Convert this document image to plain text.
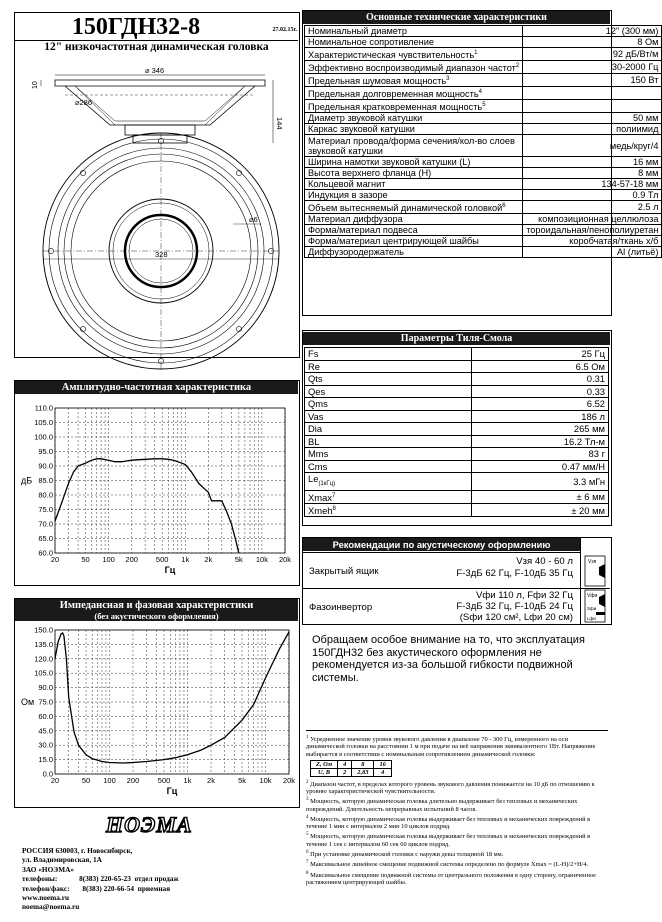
150ГДН32-8	27.02.15г.
12" низкочастотная динамическая головка
⌀ 346
144
10
⌀286
⌀6
328
Основные технические характеристики
Номинальный диаметр	12" (300 мм)
Номинальное сопротивление	8 Ом
Характеристическая чувствительность$^1$	92 дБ/Вт/м
Эффективно воспроизводимый диапазон частот$^2$	30-2000 Гц
Предельная шумовая мощность$^3$	150 Вт
Предельная долговременная мощность$^4$	
Предельная кратковременная мощность$^5$	
Диаметр звуковой катушки	50 мм
Каркас звуковой катушки	полиимид
Материал провода/форма сечения/кол-во слоев звуковой катушки	медь/круг/4
Ширина намотки звуковой катушки (L)	16 мм
Высота верхнего фланца (H)	8 мм
Кольцевой магнит	134-57-18 мм
Индукция в зазоре	0.9 Тл
Объем вытесняемый динамической головкой$^6$	2.5 л
Материал диффузора	композиционная целлюлоза
Форма/материал подвеса	тороидальная/пенополиуретан
Форма/материал центрирующей шайбы	коробчатая/ткань х/б
Диффузородержатель	Al (литьё)
Параметры Тиля-Смола
Fs	25 Гц
Re	6.5 Ом
Qts	0.31
Qes	0.33
Qms	6.52
Vas	186 л
Dia	265 мм
BL	16.2 Тл-м
Mms	83 г
Cms	0.47 мм/Н
$Le_{(1кГц)}$	3.3 мГн
Xmax$^7$	± 6 мм
Xmeh$^8$	± 20 мм
Рекомендации по акустическому оформлению
Закрытый ящик
Vзя 40 - 60 л
F-3дБ 62 Гц, F-10дБ 35 Гц
Фазоинвертор
Vфи 110 л, Fфи 32 Гц
F-3дБ 32 Гц, F-10дБ 24 Гц
(Sфи 120 см², Lфи 20 см)
Vзя
Vфи
Sфи
Lфи
Обращаем особое внимание на то, что эксплуатация 150ГДН32 без акустического оформления не рекомендуется из-за большой гибкости подвижной системы.
$^1$ Усредненное значение уровня звукового давления в диапазоне 70 - 300 Гц, измеренного на оси динамической головки на расстоянии 1 м при подаче на неё напряжения эквивалентного 1Вт. Напряжение выбирается в соответствии с номинальным сопротивлением динамической головки:
Z, Ом	4	8	16
U, В	2	2,83	4
$^2$ Диапазон частот, в пределах которого уровень звукового давления понижается на 10 дБ по отношению к уровню характеристической чувствительности.
$^3$ Мощность, которую динамическая головка длительно выдерживает без тепловых и механических повреждений. Длительность непрерывных испытаний 8 часов.
$^4$ Мощность, которую динамическая головка выдерживает без тепловых и механических повреждений в течение 1 мин с интервалом 2 мин 10 циклов подряд.
$^5$ Мощность, которую динамическая головка выдерживает без тепловых и механических повреждений в течение 1 сек с интервалом 60 сек 60 циклов подряд.
$^6$ При установке динамической головки с наружи декы толщиной 18 мм.
$^7$ Максимальное линейное смещение подвижной системы определено по формуле Xmax = (L-H)/2+H/4.
$^8$ Максимальное смещение подвижной системы от центрального положения в одну сторону, ограниченное растяжением центрирующей шайбы.
Амплитудно-частотная характеристика
110.0
105.0
100.0
95.0
90.0
85.0
80.0
75.0
70.0
65.0
60.0
20	50 100 200 500 1k 2k	5k 10k 20k
Гц
дБ
Импедансная и фазовая характеристики
(без акустического оформления)
150.0
135.0
120.0
105.0
90.0
75.0
60.0
45.0
30.0
15.0
0.0
20	50 100 200 500 1k 2k	5k 10k 20k
Гц
Ом
НОЭМА
РОССИЯ 630003, г. Новосибирск,
ул. Владимировская, 1А
ЗАО «НОЭМА»
телефоны:            8(383) 220-65-23  отдел продаж
телефон/факс:       8(383) 220-66-54  приемная
www.noema.ru
noema@noema.ru
